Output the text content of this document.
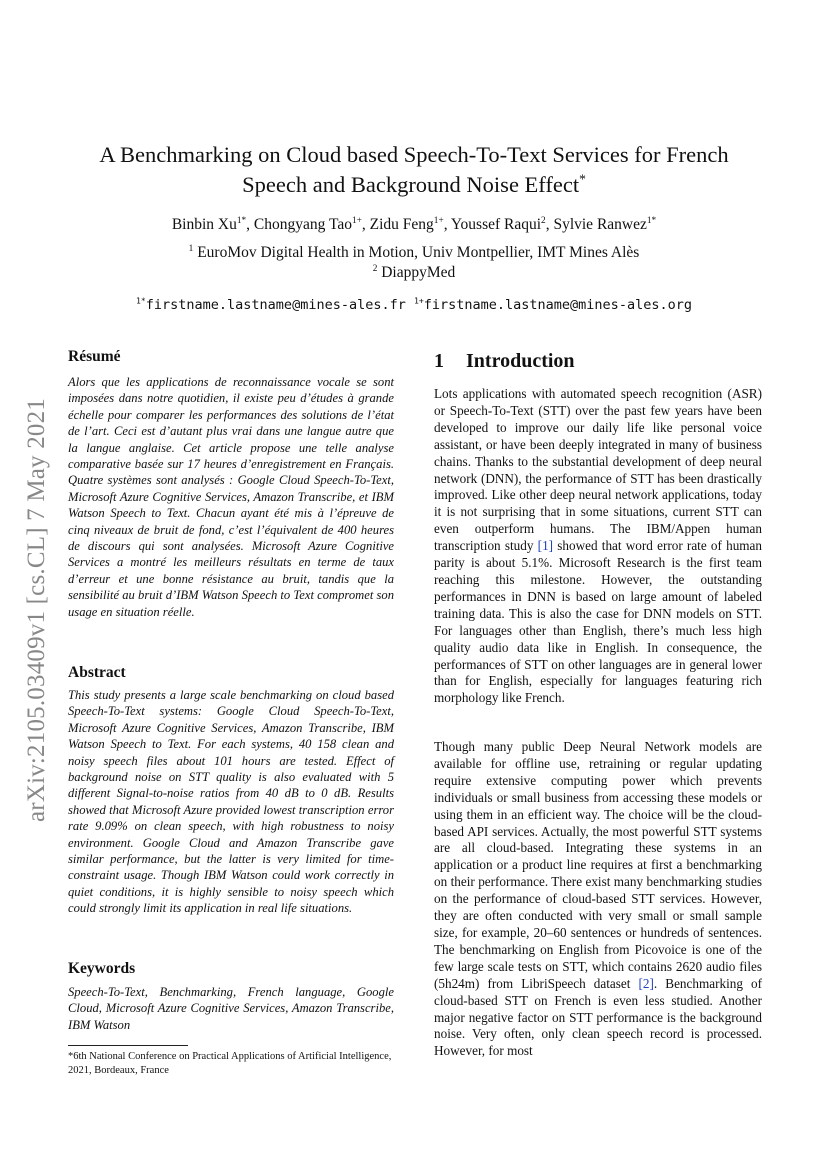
arXiv:2105.03409v1 [cs.CL] 7 May 2021
A Benchmarking on Cloud based Speech-To-Text Services for French
Speech and Background Noise Effect*
Binbin $Xu^{1*}$, Chongyang Tao$^{1+}$, Zidu Feng$^{1+}$, Youssef Raqui$^2$, Sylvie Ranwez$^{1*}$
$^1$ EuroMov Digital Health in Motion, Univ Montpellier, IMT Mines Alès
$^2$ DiappyMed
$^{1*}$firstname.lastname@mines-ales.fr $^{1+}$firstname.lastname@mines-ales.org
Résumé
Alors que les applications de reconnaissance vocale se sont imposées dans notre quotidien, il existe peu d’études à grande échelle pour comparer les performances des solutions de l’état de l’art. Ceci est d’autant plus vrai dans une langue autre que la langue anglaise. Cet article propose une telle analyse comparative basée sur 17 heures d’enregistrement en Français. Quatre systèmes sont analysés : Google Cloud Speech-To-Text, Microsoft Azure Cognitive Services, Amazon Transcribe, et IBM Watson Speech to Text. Chacun ayant été mis à l’épreuve de cinq niveaux de bruit de fond, c’est l’équivalent de 400 heures de discours qui sont analysées. Microsoft Azure Cognitive Services a montré les meilleurs résultats en terme de taux d’erreur et une bonne résistance au bruit, tandis que la sensibilité au bruit d’IBM Watson Speech to Text compromet son usage en situation réelle.
Abstract
This study presents a large scale benchmarking on cloud based Speech-To-Text systems: Google Cloud Speech-To-Text, Microsoft Azure Cognitive Services, Amazon Transcribe, IBM Watson Speech to Text. For each systems, 40 158 clean and noisy speech files about 101 hours are tested. Effect of background noise on STT quality is also evaluated with 5 different Signal-to-noise ratios from 40 dB to 0 dB. Results showed that Microsoft Azure provided lowest transcription error rate 9.09% on clean speech, with high robustness to noisy environment. Google Cloud and Amazon Transcribe gave similar performance, but the latter is very limited for time-constraint usage. Though IBM Watson could work correctly in quiet conditions, it is highly sensible to noisy speech which could strongly limit its application in real life situations.
Keywords
Speech-To-Text, Benchmarking, French language, Google Cloud, Microsoft Azure Cognitive Services, Amazon Transcribe, IBM Watson
*6th National Conference on Practical Applications of Artificial Intelligence, 2021, Bordeaux, France
1 Introduction
Lots applications with automated speech recognition (ASR) or Speech-To-Text (STT) over the past few years have been developed to improve our daily life like personal voice assistant, or have been deeply integrated in many of business chains. Thanks to the substantial development of deep neural network (DNN), the performance of STT has been drastically improved. Like other deep neural network applications, today it is not surprising that in some situations, current STT can even outperform humans. The IBM/Appen human transcription study [1] showed that word error rate of human parity is about 5.1%. Microsoft Research is the first team reaching this milestone. However, the outstanding performances in DNN is based on large amount of labeled training data. This is also the case for DNN models on STT. For languages other than English, there’s much less high quality audio data like in English. In consequence, the performances of STT on other languages are in general lower than for English, especially for languages featuring rich morphology like French.
Though many public Deep Neural Network models are available for offline use, retraining or regular updating require extensive computing power which prevents individuals or small business from accessing these models or using them in an efficient way. The choice will be the cloud-based API services. Actually, the most powerful STT systems are all cloud-based. Integrating these systems in an application or a product line requires at first a benchmarking on their performance. There exist many benchmarking studies on the performance of cloud-based STT services. However, they are often conducted with very small or small sample size, for example, 20–60 sentences or hundreds of sentences. The benchmarking on English from Picovoice is one of the few large scale tests on STT, which contains 2620 audio files (5h24m) from LibriSpeech dataset [2]. Benchmarking of cloud-based STT on French is even less studied. Another major negative factor on STT performance is the background noise. Very often, only clean speech record is processed. However, for most
